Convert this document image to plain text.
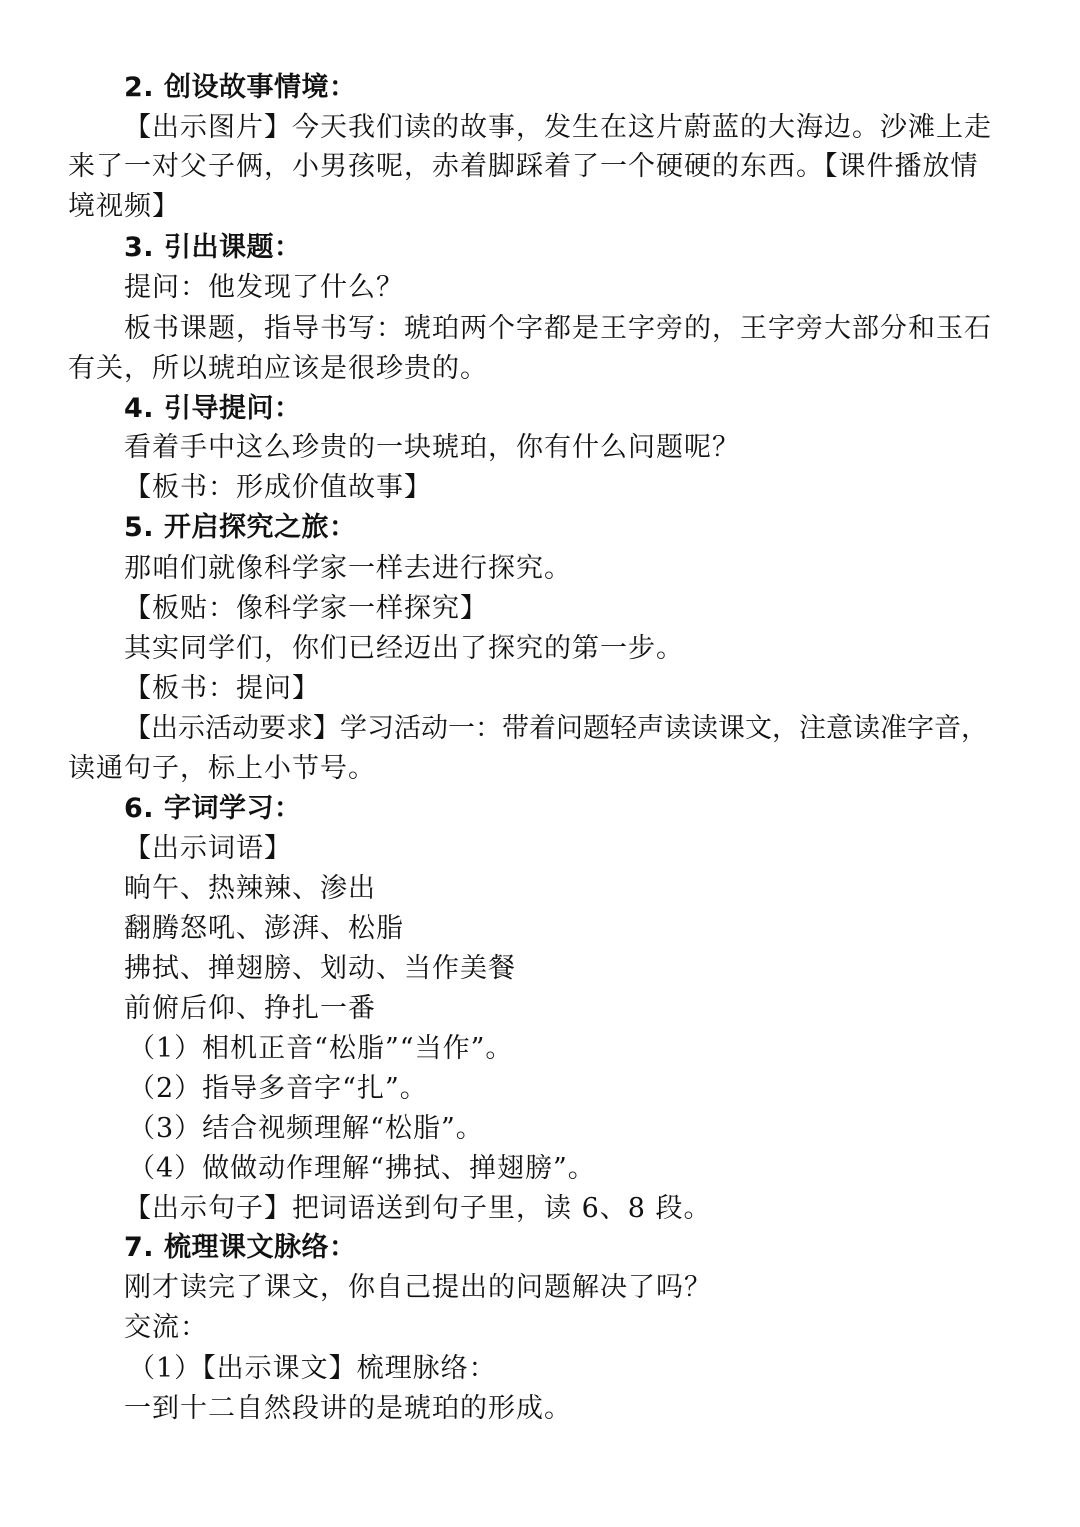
2. 创设故事情境：
【出示图片】今天我们读的故事，发生在这片蔚蓝的大海边。沙滩上走
来了一对父子俩，小男孩呢，赤着脚踩着了一个硬硬的东西。【课件播放情
境视频】
3. 引出课题：
提问：他发现了什么？
板书课题，指导书写：琥珀两个字都是王字旁的，王字旁大部分和玉石
有关，所以琥珀应该是很珍贵的。
4. 引导提问：
看着手中这么珍贵的一块琥珀，你有什么问题呢？
【板书：形成价值故事】
5. 开启探究之旅：
那咱们就像科学家一样去进行探究。
【板贴：像科学家一样探究】
其实同学们，你们已经迈出了探究的第一步。
【板书：提问】
【出示活动要求】学习活动一：带着问题轻声读读课文，注意读准字音，
读通句子，标上小节号。
6. 字词学习：
【出示词语】
晌午、热辣辣、渗出
翻腾怒吼、澎湃、松脂
拂拭、掸翅膀、划动、当作美餐
前俯后仰、挣扎一番
（1）相机正音“松脂”“当作”。
（2）指导多音字“扎”。
（3）结合视频理解“松脂”。
（4）做做动作理解“拂拭、掸翅膀”。
【出示句子】把词语送到句子里，读 6、8 段。
7. 梳理课文脉络：
刚才读完了课文，你自己提出的问题解决了吗？
交流：
（1）【出示课文】梳理脉络：
一到十二自然段讲的是琥珀的形成。
